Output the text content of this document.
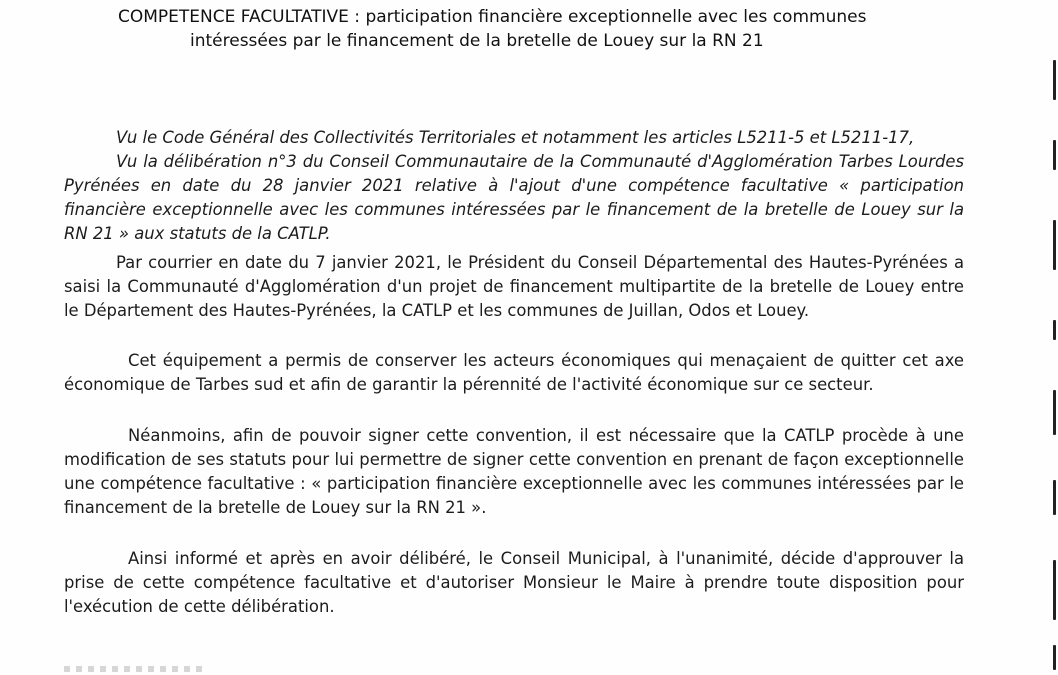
COMPETENCE FACULTATIVE : participation financière exceptionnelle avec les communes
intéressées par le financement de la bretelle de Louey sur la RN 21
Vu le Code Général des Collectivités Territoriales et notamment les articles L5211-5 et L5211-17,
Vu la délibération n°3 du Conseil Communautaire de la Communauté d'Agglomération Tarbes Lourdes Pyrénées en date du 28 janvier 2021 relative à l'ajout d'une compétence facultative « participation financière exceptionnelle avec les communes intéressées par le financement de la bretelle de Louey sur la RN 21 » aux statuts de la CATLP.

Par courrier en date du 7 janvier 2021, le Président du Conseil Départemental des Hautes-Pyrénées a saisi la Communauté d'Agglomération d'un projet de financement multipartite de la bretelle de Louey entre le Département des Hautes-Pyrénées, la CATLP et les communes de Juillan, Odos et Louey.

Cet équipement a permis de conserver les acteurs économiques qui menaçaient de quitter cet axe économique de Tarbes sud et afin de garantir la pérennité de l'activité économique sur ce secteur.

Néanmoins, afin de pouvoir signer cette convention, il est nécessaire que la CATLP procède à une modification de ses statuts pour lui permettre de signer cette convention en prenant de façon exceptionnelle une compétence facultative : « participation financière exceptionnelle avec les communes intéressées par le financement de la bretelle de Louey sur la RN 21 ».

Ainsi informé et après en avoir délibéré, le Conseil Municipal, à l'unanimité, décide d'approuver la prise de cette compétence facultative et d'autoriser Monsieur le Maire à prendre toute disposition pour l'exécution de cette délibération.
